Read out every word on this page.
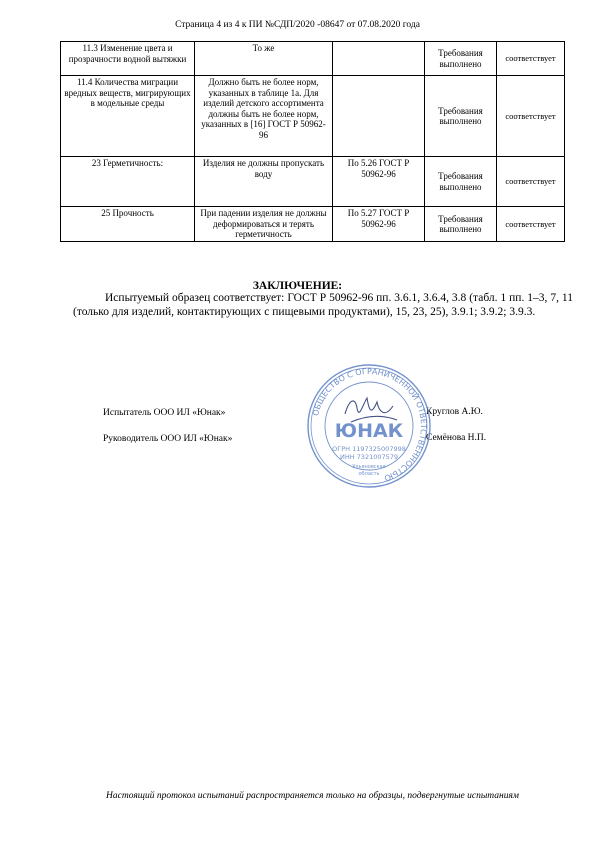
Страница 4 из 4 к ПИ №СДП/2020 -08647 от 07.08.2020 года
11.3 Изменение цвета и прозрачности водной вытяжки	То же		Требования выполнено	соответствует
11.4 Количества миграции вредных веществ, мигрирующих в модельные среды	Должно быть не более норм, указанных в таблице 1а. Для изделий детского ассортимента должны быть не более норм, указанных в [16] ГОСТ Р 50962-96		Требования выполнено	соответствует
23 Герметичность:	Изделия не должны пропускать воду	По 5.26 ГОСТ Р 50962-96	Требования выполнено	соответствует
25 Прочность	При падении изделия не должны деформироваться и терять герметичность	По 5.27 ГОСТ Р 50962-96	Требования выполнено	соответствует
ЗАКЛЮЧЕНИЕ:
Испытуемый образец соответствует: ГОСТ Р 50962-96 пп. 3.6.1, 3.6.4, 3.8 (табл. 1 пп. 1–3, 7, 11 (только для изделий, контактирующих с пищевыми продуктами), 15, 23, 25), 3.9.1; 3.9.2; 3.9.3.
Испытатель ООО ИЛ «Юнак»	Круглов А.Ю.
Руководитель ООО ИЛ «Юнак»	Семёнова Н.П.
ОБЩЕСТВО С ОГРАНИЧЕННОЙ ОТВЕТСТВЕННОСТЬЮ
ЮНАК
ОГРН 1197325007998
ИНН 7321007579
Ульяновская
область
Настоящий протокол испытаний распространяется только на образцы, подвергнутые испытаниям
